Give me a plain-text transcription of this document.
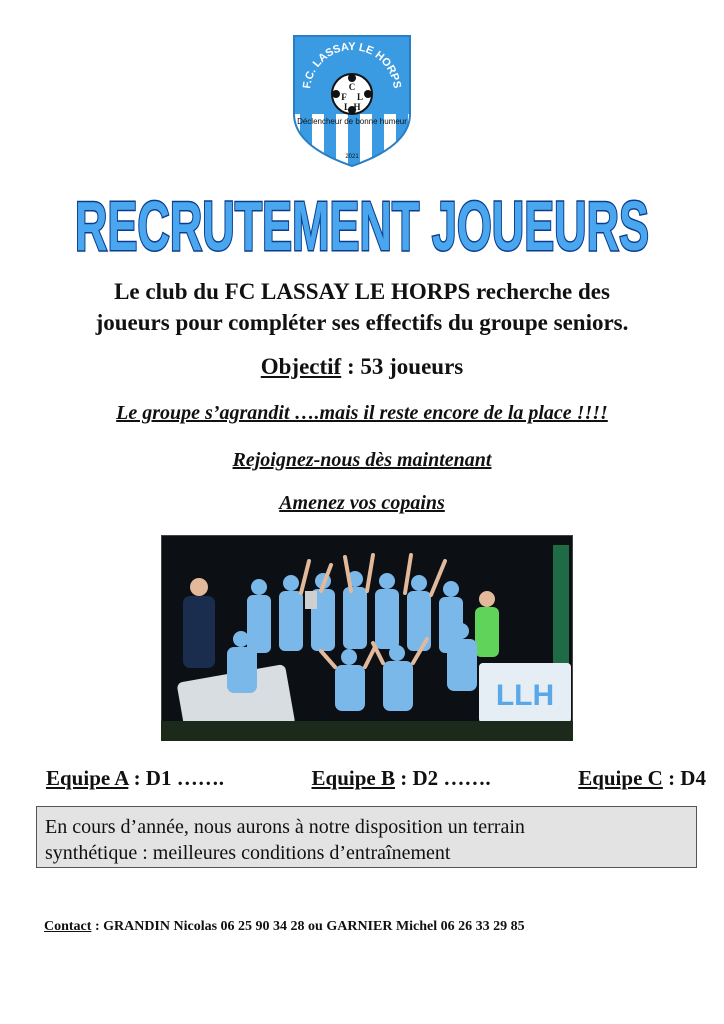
F.C. LASSAY LE HORPS
C
F L
L H
Déclencheur de bonne humeur
2021
RECRUTEMENT JOUEURS
Le club du FC LASSAY LE HORPS recherche des
joueurs pour compléter ses effectifs du groupe seniors.
Objectif : 53 joueurs
Le groupe s’agrandit ….mais il reste encore de la place !!!!
Rejoignez-nous dès maintenant
Amenez vos copains
LLH
Equipe A : D1 …….	Equipe B : D2 …….	Equipe C : D4
En cours d’année, nous aurons à notre disposition un terrain
synthétique : meilleures conditions d’entraînement
Contact : GRANDIN Nicolas 06 25 90 34 28 ou GARNIER Michel 06 26 33 29 85
